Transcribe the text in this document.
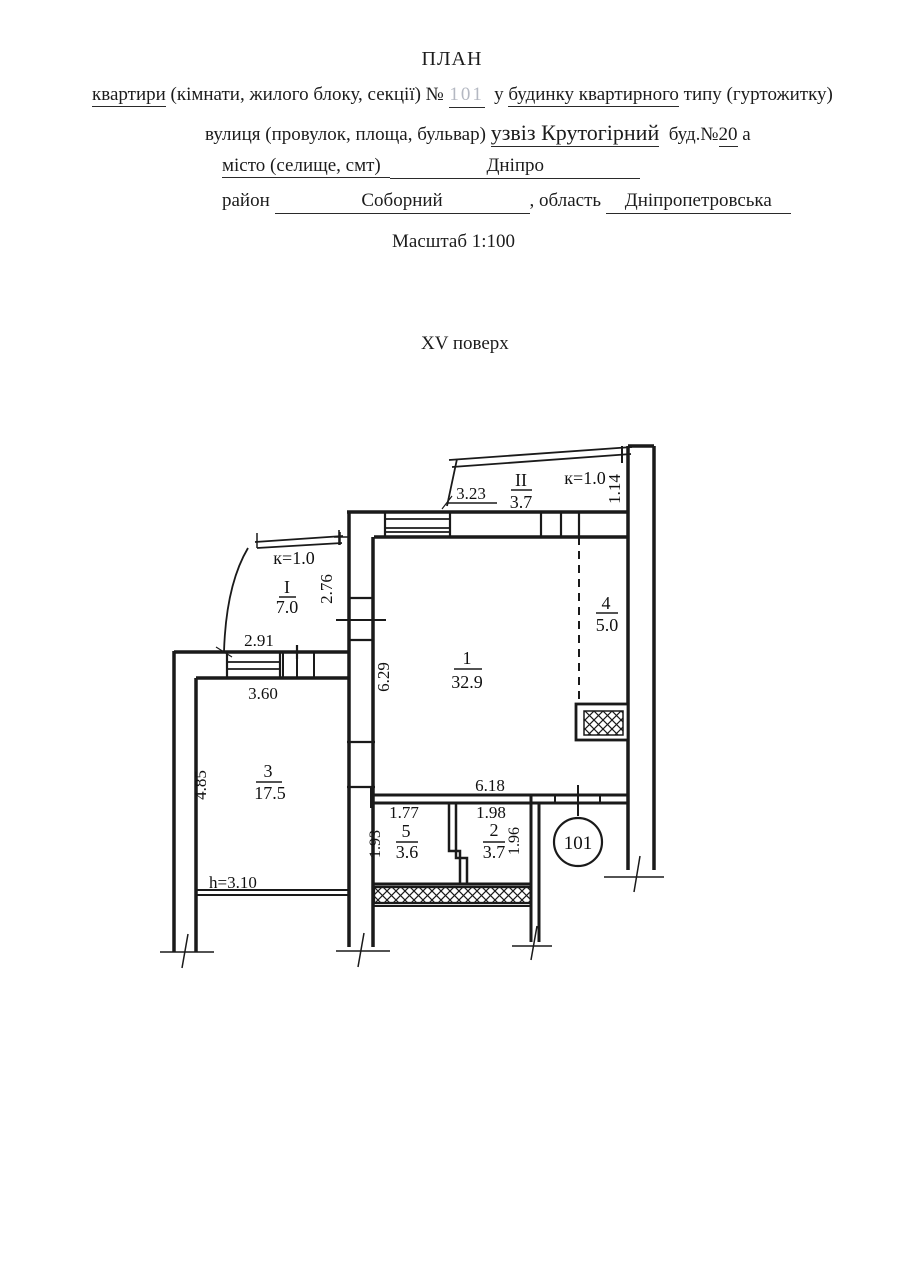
ПЛАН
квартири (кімнати, жилого блоку, секції) № 101 у будинку квартирного типу (гуртожитку)
вулиця (провулок, площа, бульвар) узвіз Крутогірний  буд.№20 а
місто (селище, смт)	Дніпро
район	Соборний	, область Дніпропетровська
Масштаб 1:100
XV поверх
II
3.7
к=1.0
к=1.0
I
7.0
1
32.9
4
5.0
3
17.5
5
3.6
2
3.7
h=3.10
101
3.23	1.14
2.91
2.76
3.60
4.85
6.29
6.18
1.77
1.93
1.98
1.96
